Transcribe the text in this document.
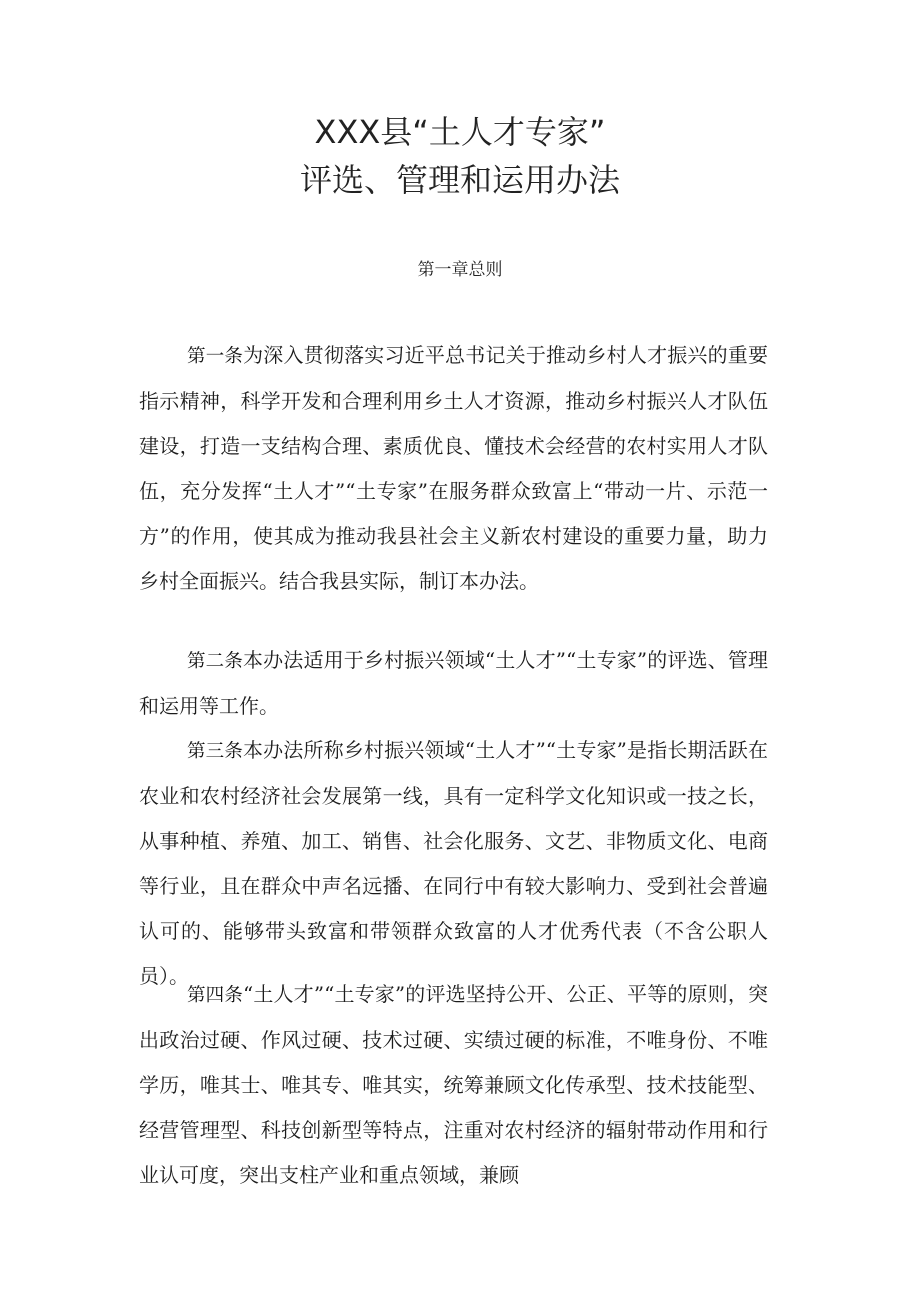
XXX县“土人才专家”
评选、管理和运用办法
第一章总则

第一条为深入贯彻落实习近平总书记关于推动乡村人才振兴的重要指示精神，科学开发和合理利用乡土人才资源，推动乡村振兴人才队伍建设，打造一支结构合理、素质优良、懂技术会经营的农村实用人才队伍，充分发挥“土人才”“土专家”在服务群众致富上“带动一片、示范一方”的作用，使其成为推动我县社会主义新农村建设的重要力量，助力乡村全面振兴。结合我县实际，制订本办法。

第二条本办法适用于乡村振兴领域“土人才”“土专家”的评选、管理和运用等工作。

第三条本办法所称乡村振兴领域“土人才”“土专家”是指长期活跃在农业和农村经济社会发展第一线，具有一定科学文化知识或一技之长，从事种植、养殖、加工、销售、社会化服务、文艺、非物质文化、电商等行业，且在群众中声名远播、在同行中有较大影响力、受到社会普遍认可的、能够带头致富和带领群众致富的人才优秀代表（不含公职人员）。

第四条“土人才”“土专家”的评选坚持公开、公正、平等的原则，突出政治过硬、作风过硬、技术过硬、实绩过硬的标准，不唯身份、不唯学历，唯其士、唯其专、唯其实，统筹兼顾文化传承型、技术技能型、经营管理型、科技创新型等特点，注重对农村经济的辐射带动作用和行业认可度，突出支柱产业和重点领域，兼顾
